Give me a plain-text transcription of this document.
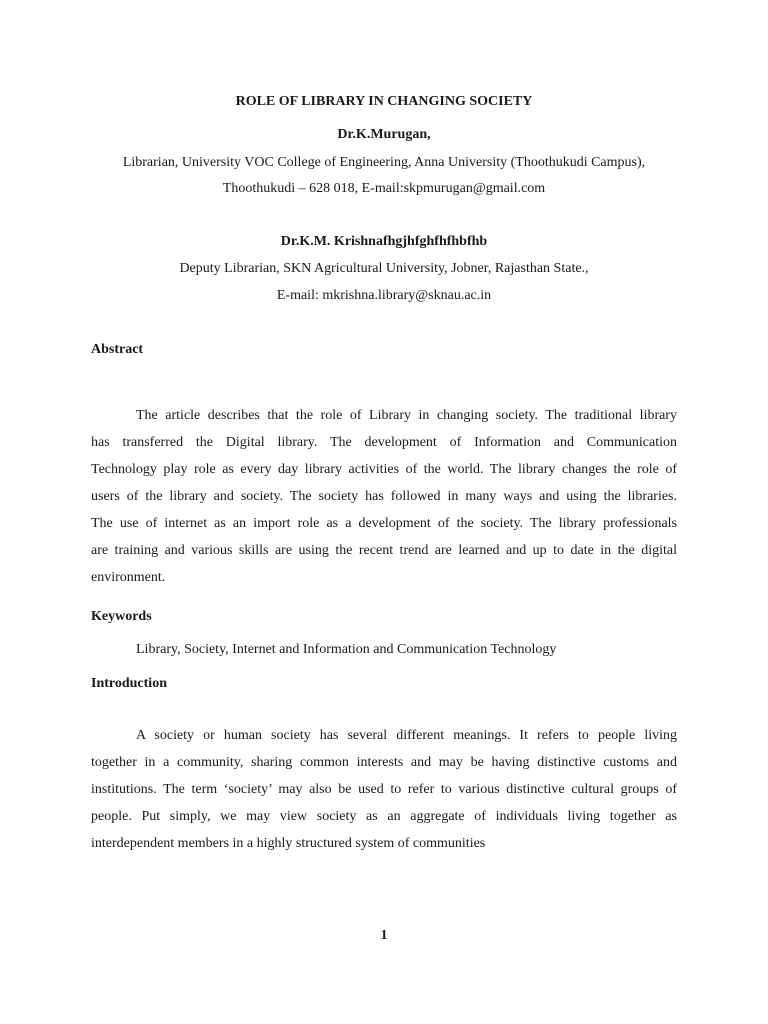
ROLE OF LIBRARY IN CHANGING SOCIETY
Dr.K.Murugan,
Librarian, University VOC College of Engineering, Anna University (Thoothukudi Campus),
Thoothukudi – 628 018, E-mail:skpmurugan@gmail.com
Dr.K.M. Krishnafhgjhfghfhfhbfhb
Deputy Librarian, SKN Agricultural University, Jobner, Rajasthan State.,
E-mail: mkrishna.library@sknau.ac.in
Abstract
The article describes that the role of Library in changing society. The traditional library
has transferred the Digital library. The development of Information and Communication
Technology play role as every day library activities of the world. The library changes the role of
users of the library and society. The society has followed in many ways and using the libraries.
The use of internet as an import role as a development of the society. The library professionals
are training and various skills are using the recent trend are learned and up to date in the digital
environment.
Keywords
Library, Society, Internet and Information and Communication Technology
Introduction
A society or human society has several different meanings. It refers to people living
together in a community, sharing common interests and may be having distinctive customs and
institutions. The term ‘society’ may also be used to refer to various distinctive cultural groups of
people. Put simply, we may view society as an aggregate of individuals living together as
interdependent members in a highly structured system of communities
1
